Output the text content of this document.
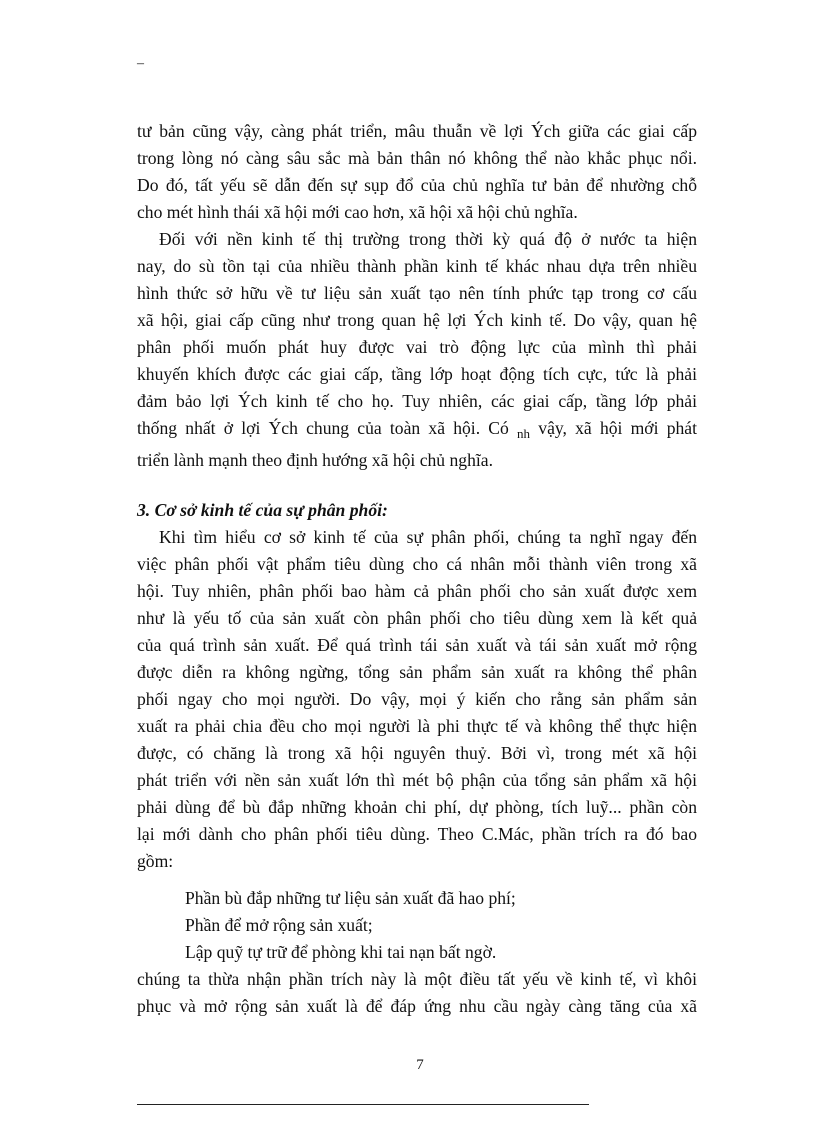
–
tư bản cũng vậy, càng phát triển, mâu thuẫn về lợi Ých giữa các giai cấp
trong lòng nó càng sâu sắc mà bản thân nó không thể nào khắc phục nổi.
Do đó, tất yếu sẽ dẫn đến sự sụp đổ của chủ nghĩa tư bản để nhường chỗ
cho mét hình thái xã hội mới cao hơn, xã hội xã hội chủ nghĩa.
Đối với nền kinh tế thị trường trong thời kỳ quá độ ở nước ta hiện
nay, do sù tồn tại của nhiều thành phần kinh tế khác nhau dựa trên nhiều
hình thức sở hữu về tư liệu sản xuất tạo nên tính phức tạp trong cơ cấu
xã hội, giai cấp cũng như trong quan hệ lợi Ých kinh tế. Do vậy, quan hệ
phân phối muốn phát huy được vai trò động lực của mình thì phải
khuyến khích được các giai cấp, tầng lớp hoạt động tích cực, tức là phải
đảm bảo lợi Ých kinh tế cho họ. Tuy nhiên, các giai cấp, tầng lớp phải
thống nhất ở lợi Ých chung của toàn xã hội. Có $_{nh}$ vậy, xã hội mới phát
triển lành mạnh theo định hướng xã hội chủ nghĩa.
3. Cơ sở kinh tế của sự phân phối:
Khi tìm hiểu cơ sở kinh tế của sự phân phối, chúng ta nghĩ ngay đến
việc phân phối vật phẩm tiêu dùng cho cá nhân mỗi thành viên trong xã
hội. Tuy nhiên, phân phối bao hàm cả phân phối cho sản xuất được xem
như là yếu tố của sản xuất còn phân phối cho tiêu dùng xem là kết quả
của quá trình sản xuất. Để quá trình tái sản xuất và tái sản xuất mở rộng
được diễn ra không ngừng, tổng sản phẩm sản xuất ra không thể phân
phối ngay cho mọi người. Do vậy, mọi ý kiến cho rằng sản phẩm sản
xuất ra phải chia đều cho mọi người là phi thực tế và không thể thực hiện
được, có chăng là trong xã hội nguyên thuỷ. Bởi vì, trong mét xã hội
phát triển với nền sản xuất lớn thì mét bộ phận của tổng sản phẩm xã hội
phải dùng để bù đắp những khoản chi phí, dự phòng, tích luỹ... phần còn
lại mới dành cho phân phối tiêu dùng. Theo C.Mác, phần trích ra đó bao
gồm:
Phần bù đắp những tư liệu sản xuất đã hao phí;
Phần để mở rộng sản xuất;
Lập quỹ tự trữ để phòng khi tai nạn bất ngờ.
chúng ta thừa nhận phần trích này là một điều tất yếu về kinh tế, vì khôi
phục và mở rộng sản xuất là để đáp ứng nhu cầu ngày càng tăng của xã
7
